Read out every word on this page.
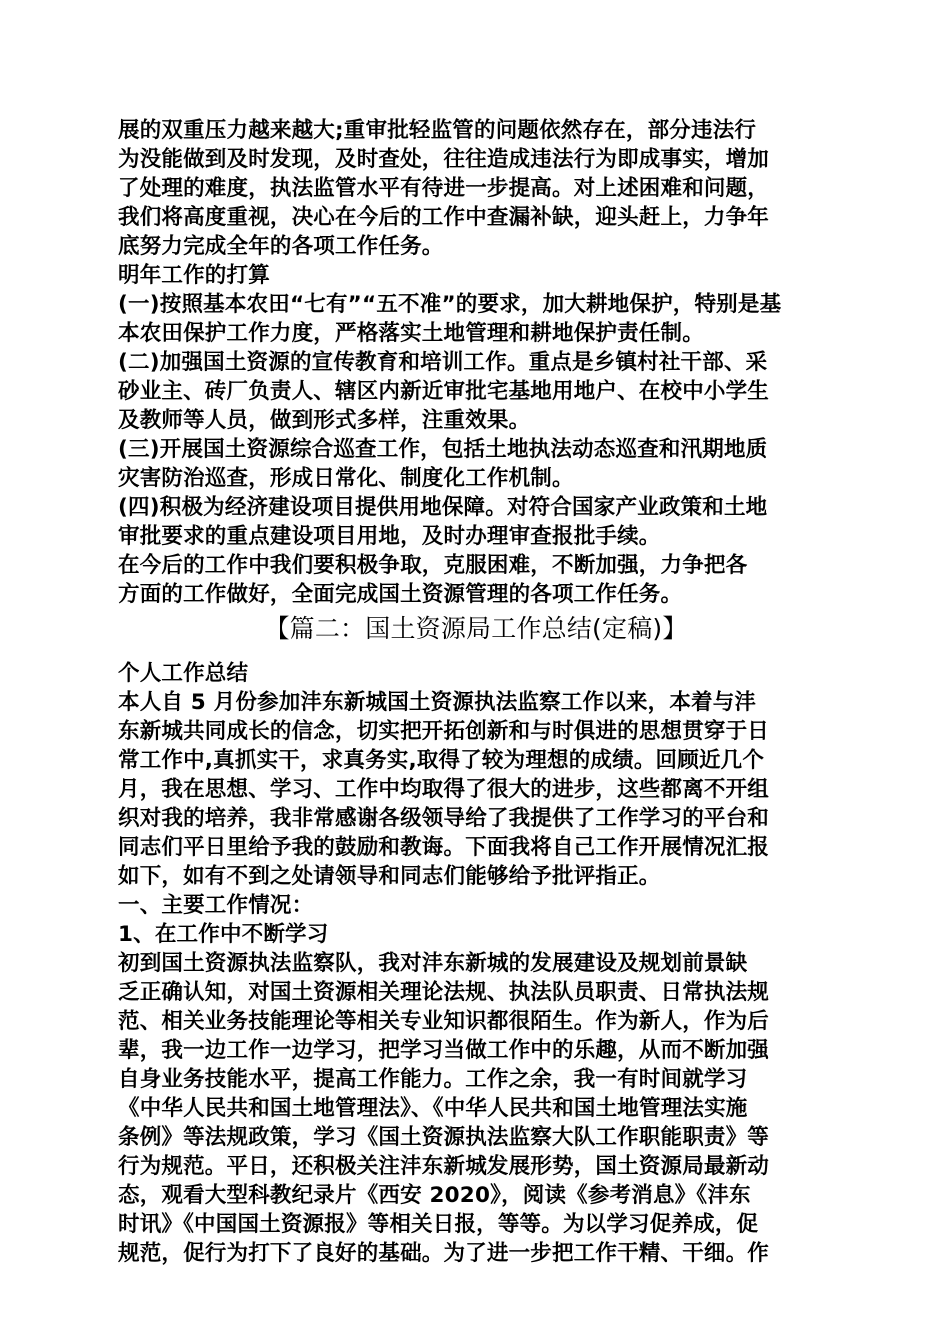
展的双重压力越来越大;重审批轻监管的问题依然存在，部分违法行
为没能做到及时发现，及时查处，往往造成违法行为即成事实，增加
了处理的难度，执法监管水平有待进一步提高。对上述困难和问题，
我们将高度重视，决心在今后的工作中查漏补缺，迎头赶上，力争年
底努力完成全年的各项工作任务。
明年工作的打算
(一)按照基本农田“七有”“五不准”的要求，加大耕地保护，特别是基
本农田保护工作力度，严格落实土地管理和耕地保护责任制。
(二)加强国土资源的宣传教育和培训工作。重点是乡镇村社干部、采
砂业主、砖厂负责人、辖区内新近审批宅基地用地户、在校中小学生
及教师等人员，做到形式多样，注重效果。
(三)开展国土资源综合巡查工作，包括土地执法动态巡查和汛期地质
灾害防治巡查，形成日常化、制度化工作机制。
(四)积极为经济建设项目提供用地保障。对符合国家产业政策和土地
审批要求的重点建设项目用地，及时办理审查报批手续。
在今后的工作中我们要积极争取，克服困难，不断加强，力争把各
方面的工作做好，全面完成国土资源管理的各项工作任务。
【篇二：国土资源局工作总结(定稿)】
个人工作总结
本人自 5 月份参加沣东新城国土资源执法监察工作以来，本着与沣
东新城共同成长的信念，切实把开拓创新和与时俱进的思想贯穿于日
常工作中,真抓实干，求真务实,取得了较为理想的成绩。回顾近几个
月，我在思想、学习、工作中均取得了很大的进步，这些都离不开组
织对我的培养，我非常感谢各级领导给了我提供了工作学习的平台和
同志们平日里给予我的鼓励和教诲。下面我将自己工作开展情况汇报
如下，如有不到之处请领导和同志们能够给予批评指正。
一、主要工作情况：
1、在工作中不断学习
初到国土资源执法监察队，我对沣东新城的发展建设及规划前景缺
乏正确认知，对国土资源相关理论法规、执法队员职责、日常执法规
范、相关业务技能理论等相关专业知识都很陌生。作为新人，作为后
辈，我一边工作一边学习，把学习当做工作中的乐趣，从而不断加强
自身业务技能水平，提高工作能力。工作之余，我一有时间就学习
《中华人民共和国土地管理法》、《中华人民共和国土地管理法实施
条例》等法规政策，学习《国土资源执法监察大队工作职能职责》等
行为规范。平日，还积极关注沣东新城发展形势，国土资源局最新动
态，观看大型科教纪录片《西安 2020》，阅读《参考消息》《沣东
时讯》《中国国土资源报》等相关日报，等等。为以学习促养成，促
规范，促行为打下了良好的基础。为了进一步把工作干精、干细。作
